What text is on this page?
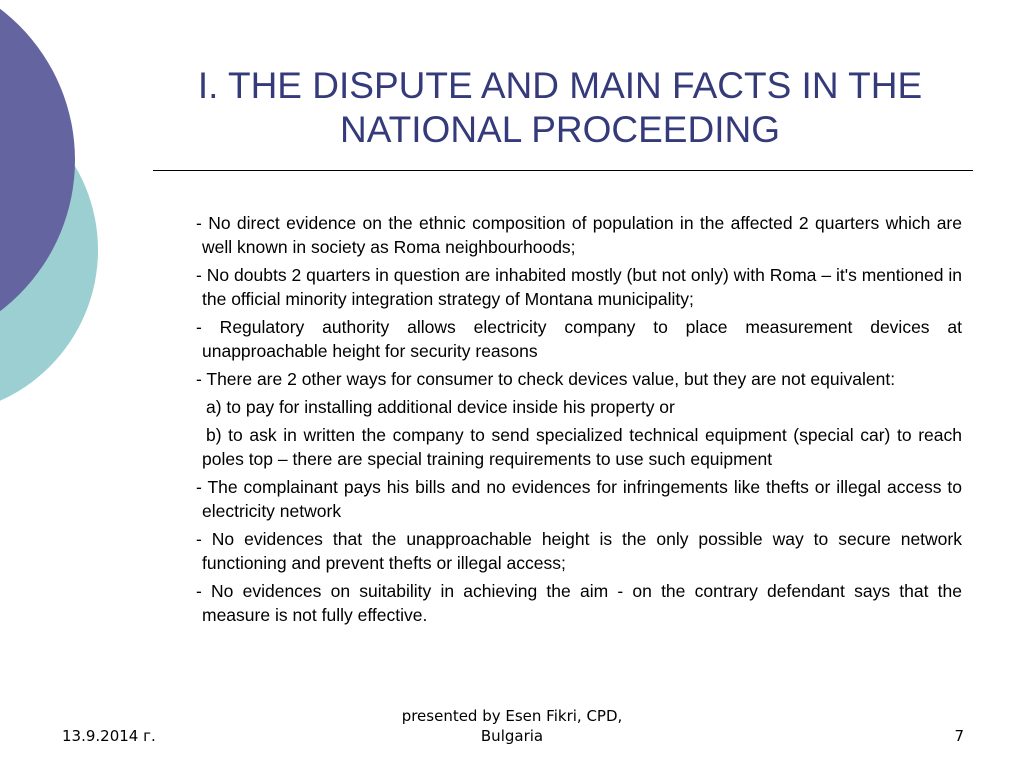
I. THE DISPUTE AND MAIN FACTS IN THE
NATIONAL PROCEEDING
- No direct evidence on the ethnic composition of population in the affected 2 quarters which are well known in society as Roma neighbourhoods;
- No doubts 2 quarters in question are inhabited mostly (but not only) with Roma – it's mentioned in the official minority integration strategy of Montana municipality;
- Regulatory authority allows electricity company to place measurement devices at unapproachable height for security reasons
- There are 2 other ways for consumer to check devices value, but they are not equivalent:
a) to pay for installing additional device inside his property or
b) to ask in written the company to send specialized technical equipment (special car) to reach poles top – there are special training requirements to use such equipment
- The complainant pays his bills and no evidences for infringements like thefts or illegal access to electricity network
- No evidences that the unapproachable height is the only possible way to secure network functioning and prevent thefts or illegal access;
- No evidences on suitability in achieving the aim - on the contrary defendant says that the measure is not fully effective.
13.9.2014 г.
presented by Esen Fikri, CPD,
Bulgaria	7
